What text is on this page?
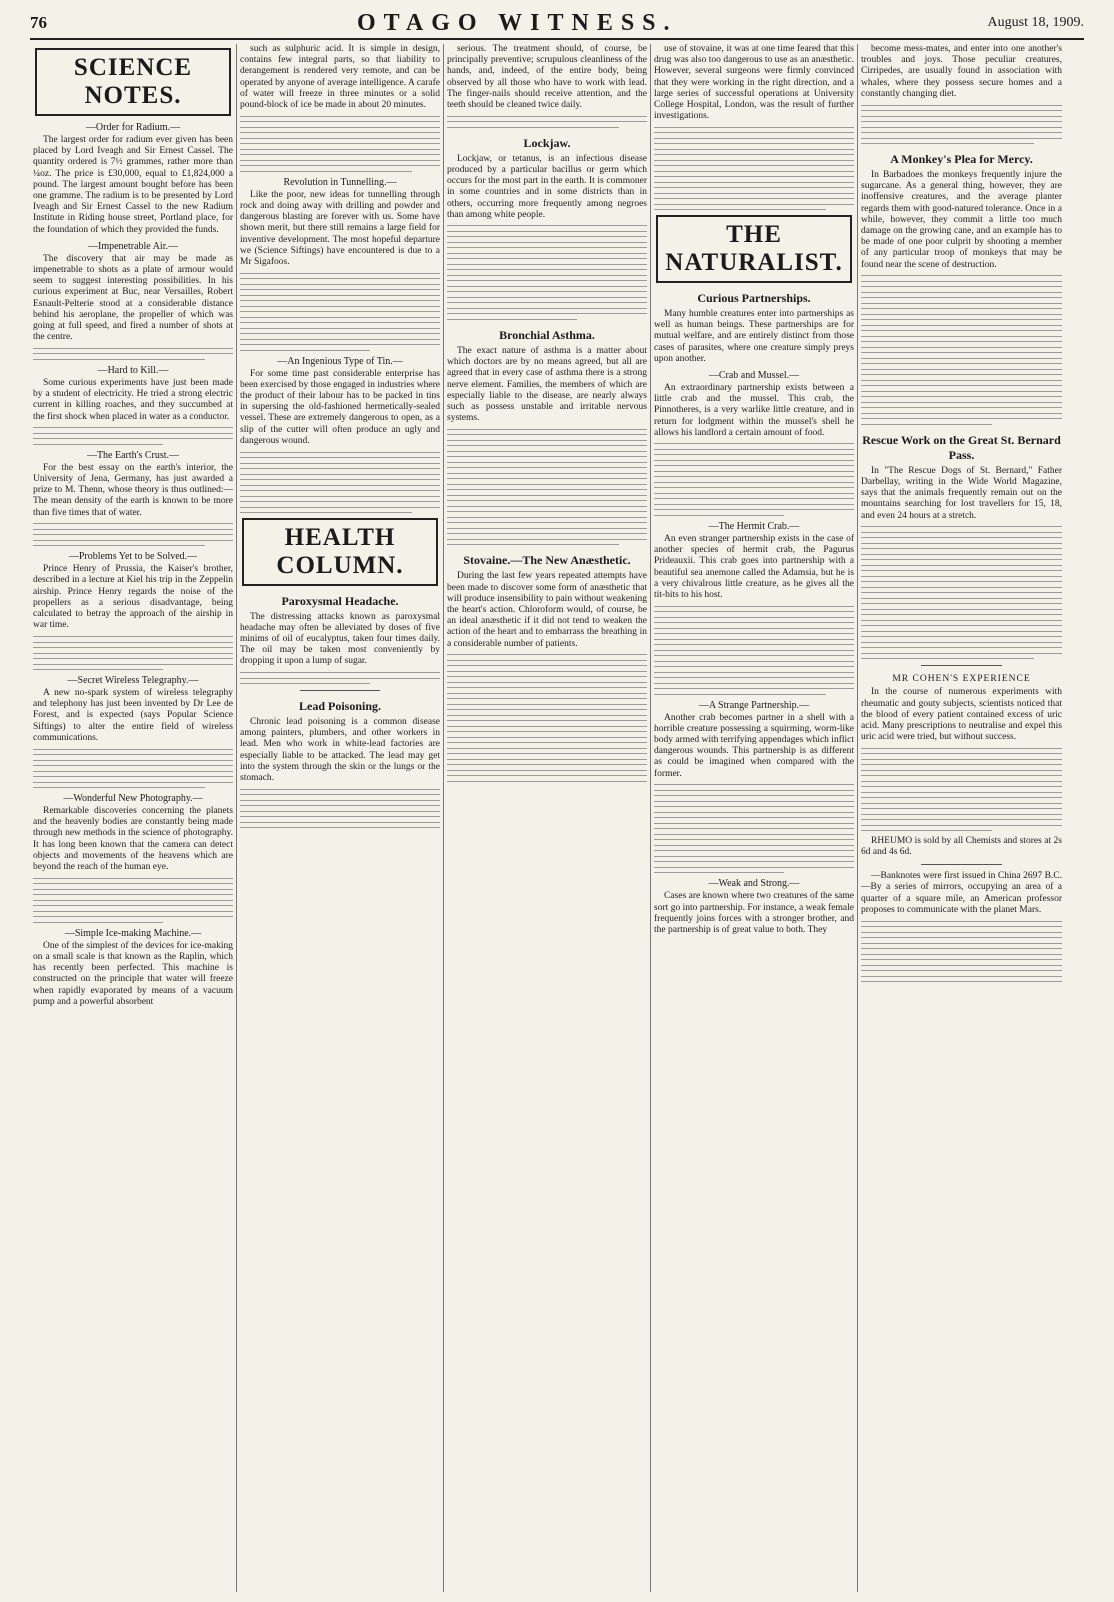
76	OTAGO WITNESS.	August 18, 1909.
SCIENCE NOTES.
—Order for Radium.—

The largest order for radium ever given has been placed by Lord Iveagh and Sir Ernest Cassel. The quantity ordered is 7½ grammes, rather more than ¼oz. The price is £30,000, equal to £1,824,000 a pound. The largest amount bought before has been one gramme. The radium is to be presented by Lord Iveagh and Sir Ernest Cassel to the new Radium Institute in Riding house street, Portland place, for the foundation of which they provided the funds.

—Impenetrable Air.—

The discovery that air may be made as impenetrable to shots as a plate of armour would seem to suggest interesting possibilities. In his curious experiment at Buc, near Versailles, Robert Esnault-Pelterie stood at a considerable distance behind his aeroplane, the propeller of which was going at full speed, and fired a number of shots at the centre.

—Hard to Kill.—

Some curious experiments have just been made by a student of electricity. He tried a strong electric current in killing roaches, and they succumbed at the first shock when placed in water as a conductor.

—The Earth's Crust.—

For the best essay on the earth's interior, the University of Jena, Germany, has just awarded a prize to M. Thenn, whose theory is thus outlined:—The mean density of the earth is known to be more than five times that of water.

—Problems Yet to be Solved.—

Prince Henry of Prussia, the Kaiser's brother, described in a lecture at Kiel his trip in the Zeppelin airship. Prince Henry regards the noise of the propellers as a serious disadvantage, being calculated to betray the approach of the airship in war time.

—Secret Wireless Telegraphy.—

A new no-spark system of wireless telegraphy and telephony has just been invented by Dr Lee de Forest, and is expected (says Popular Science Siftings) to alter the entire field of wireless communications.

—Wonderful New Photography.—

Remarkable discoveries concerning the planets and the heavenly bodies are constantly being made through new methods in the science of photography. It has long been known that the camera can detect objects and movements of the heavens which are beyond the reach of the human eye.

—Simple Ice-making Machine.—

One of the simplest of the devices for ice-making on a small scale is that known as the Raplin, which has recently been perfected. This machine is constructed on the principle that water will freeze when rapidly evaporated by means of a vacuum pump and a powerful absorbent

such as sulphuric acid. It is simple in design, contains few integral parts, so that liability to derangement is rendered very remote, and can be operated by anyone of average intelligence. A carafe of water will freeze in three minutes or a solid pound-block of ice be made in about 20 minutes.

Revolution in Tunnelling.—

Like the poor, new ideas for tunnelling through rock and doing away with drilling and powder and dangerous blasting are forever with us. Some have shown merit, but there still remains a large field for inventive development. The most hopeful departure we (Science Siftings) have encountered is due to a Mr Sigafoos.

—An Ingenious Type of Tin.—

For some time past considerable enterprise has been exercised by those engaged in industries where the product of their labour has to be packed in tins in supersing the old-fashioned hermetically-sealed vessel. These are extremely dangerous to open, as a slip of the cutter will often produce an ugly and dangerous wound.

HEALTH COLUMN.
Paroxysmal Headache.

The distressing attacks known as paroxysmal headache may often be alleviated by doses of five minims of oil of eucalyptus, taken four times daily. The oil may be taken most conveniently by dropping it upon a lump of sugar.

Lead Poisoning.

Chronic lead poisoning is a common disease among painters, plumbers, and other workers in lead. Men who work in white-lead factories are especially liable to be attacked. The lead may get into the system through the skin or the lungs or the stomach.

serious. The treatment should, of course, be principally preventive; scrupulous cleanliness of the hands, and, indeed, of the entire body, being observed by all those who have to work with lead. The finger-nails should receive attention, and the teeth should be cleaned twice daily.

Lockjaw.

Lockjaw, or tetanus, is an infectious disease produced by a particular bacillus or germ which occurs for the most part in the earth. It is commoner in some countries and in some districts than in others, occurring more frequently among negroes than among white people.

Bronchial Asthma.

The exact nature of asthma is a matter about which doctors are by no means agreed, but all are agreed that in every case of asthma there is a strong nerve element. Families, the members of which are especially liable to the disease, are nearly always such as possess unstable and irritable nervous systems.

Stovaine.—The New Anæsthetic.

During the last few years repeated attempts have been made to discover some form of anæsthetic that will produce insensibility to pain without weakening the heart's action. Chloroform would, of course, be an ideal anæsthetic if it did not tend to weaken the action of the heart and to embarrass the breathing in a considerable number of patients.

use of stovaine, it was at one time feared that this drug was also too dangerous to use as an anæsthetic. However, several surgeons were firmly convinced that they were working in the right direction, and a large series of successful operations at University College Hospital, London, was the result of further investigations.

THE NATURALIST.
Curious Partnerships.

Many humble creatures enter into partnerships as well as human beings. These partnerships are for mutual welfare, and are entirely distinct from those cases of parasites, where one creature simply preys upon another.

—Crab and Mussel.—

An extraordinary partnership exists between a little crab and the mussel. This crab, the Pinnotheres, is a very warlike little creature, and in return for lodgment within the mussel's shell he allows his landlord a certain amount of food.

—The Hermit Crab.—

An even stranger partnership exists in the case of another species of hermit crab, the Pagurus Prideauxii. This crab goes into partnership with a beautiful sea anemone called the Adamsia, but he is a very chivalrous little creature, as he gives all the tit-bits to his host.

—A Strange Partnership.—

Another crab becomes partner in a shell with a horrible creature possessing a squirming, worm-like body armed with terrifying appendages which inflict dangerous wounds. This partnership is as different as could be imagined when compared with the former.

—Weak and Strong.—

Cases are known where two creatures of the same sort go into partnership. For instance, a weak female frequently joins forces with a stronger brother, and the partnership is of great value to both. They

become mess-mates, and enter into one another's troubles and joys. Those peculiar creatures, Cirripedes, are usually found in association with whales, where they possess secure homes and a constantly changing diet.

A Monkey's Plea for Mercy.

In Barbadoes the monkeys frequently injure the sugarcane. As a general thing, however, they are inoffensive creatures, and the average planter regards them with good-natured tolerance. Once in a while, however, they commit a little too much damage on the growing cane, and an example has to be made of one poor culprit by shooting a member of any particular troop of monkeys that may be found near the scene of destruction.

Rescue Work on the Great St. Bernard Pass.

In "The Rescue Dogs of St. Bernard," Father Darbellay, writing in the Wide World Magazine, says that the animals frequently remain out on the mountains searching for lost travellers for 15, 18, and even 24 hours at a stretch.

MR COHEN'S EXPERIENCE

In the course of numerous experiments with rheumatic and gouty subjects, scientists noticed that the blood of every patient contained excess of uric acid. Many prescriptions to neutralise and expel this uric acid were tried, but without success.

RHEUMO is sold by all Chemists and stores at 2s 6d and 4s 6d.

—Banknotes were first issued in China 2697 B.C. —By a series of mirrors, occupying an area of a quarter of a square mile, an American professor proposes to communicate with the planet Mars.
